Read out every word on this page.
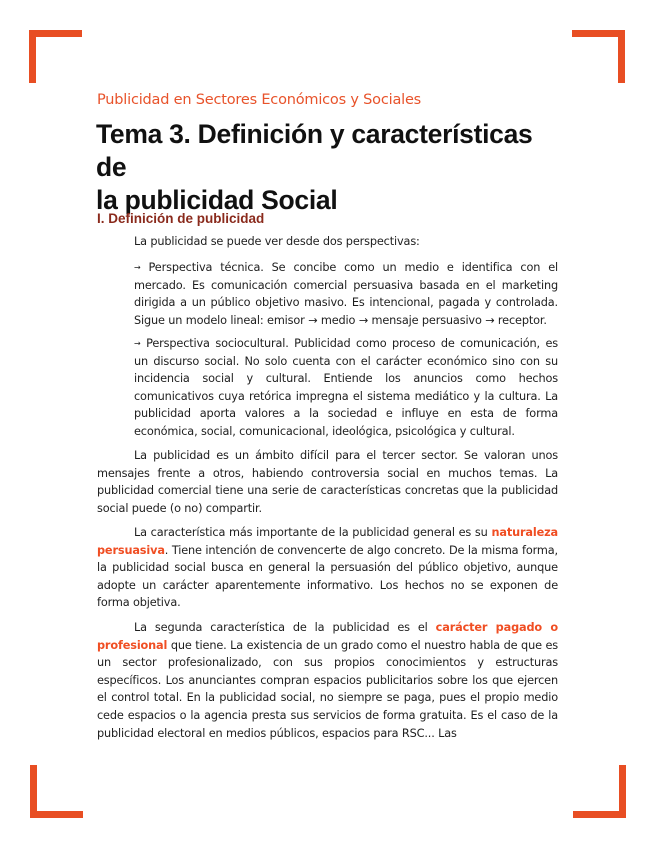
Publicidad en Sectores Económicos y Sociales
Tema 3. Definición y características de
la publicidad Social
I. Definición de publicidad

La publicidad se puede ver desde dos perspectivas:

→ Perspectiva técnica. Se concibe como un medio e identifica con el mercado. Es comunicación comercial persuasiva basada en el marketing dirigida a un público objetivo masivo. Es intencional, pagada y controlada. Sigue un modelo lineal: emisor → medio → mensaje persuasivo → receptor.

→ Perspectiva sociocultural. Publicidad como proceso de comunicación, es un discurso social. No solo cuenta con el carácter económico sino con su incidencia social y cultural. Entiende los anuncios como hechos comunicativos cuya retórica impregna el sistema mediático y la cultura. La publicidad aporta valores a la sociedad e influye en esta de forma económica, social, comunicacional, ideológica, psicológica y cultural.

La publicidad es un ámbito difícil para el tercer sector. Se valoran unos mensajes frente a otros, habiendo controversia social en muchos temas. La publicidad comercial tiene una serie de características concretas que la publicidad social puede (o no) compartir.

La característica más importante de la publicidad general es su naturaleza persuasiva. Tiene intención de convencerte de algo concreto. De la misma forma, la publicidad social busca en general la persuasión del público objetivo, aunque adopte un carácter aparentemente informativo. Los hechos no se exponen de forma objetiva.

La segunda característica de la publicidad es el carácter pagado o profesional que tiene. La existencia de un grado como el nuestro habla de que es un sector profesionalizado, con sus propios conocimientos y estructuras específicos. Los anunciantes compran espacios publicitarios sobre los que ejercen el control total. En la publicidad social, no siempre se paga, pues el propio medio cede espacios o la agencia presta sus servicios de forma gratuita. Es el caso de la publicidad electoral en medios públicos, espacios para RSC... Las
